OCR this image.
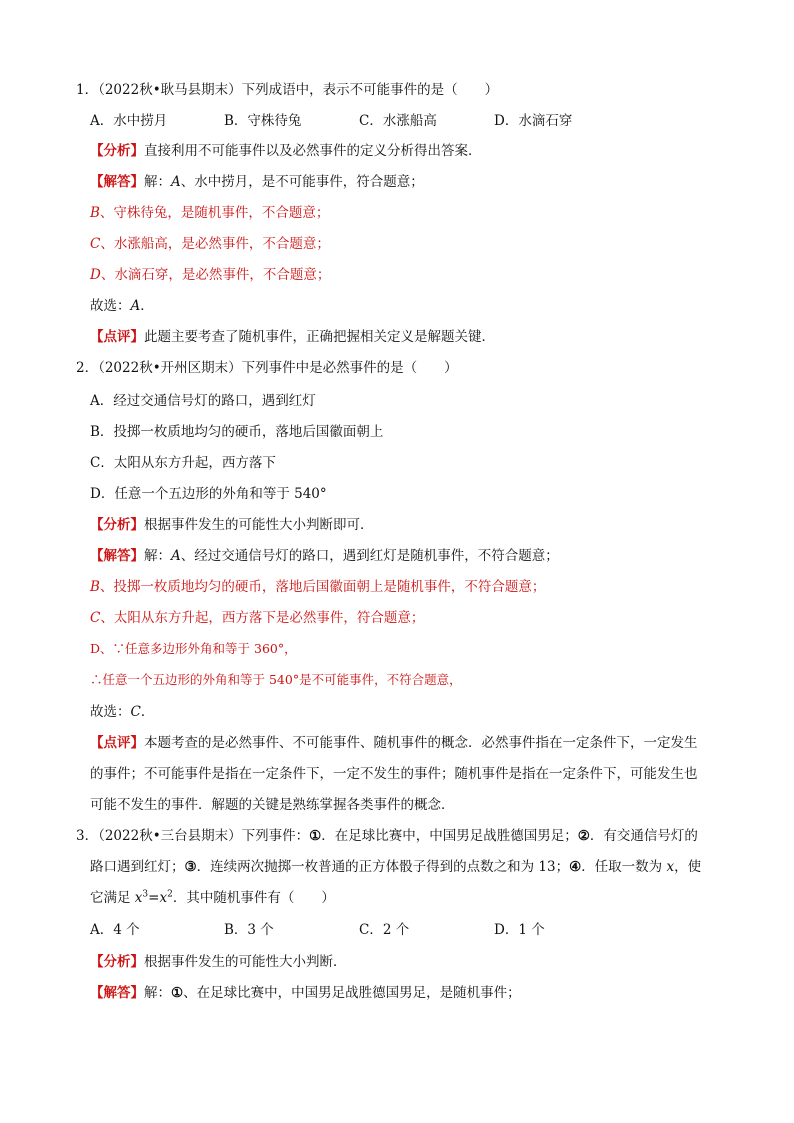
1．（2022秋•耿马县期末）下列成语中，表示不可能事件的是（　　）
A．水中捞月	B．守株待兔	C．水涨船高	D．水滴石穿
【分析】直接利用不可能事件以及必然事件的定义分析得出答案．
【解答】解：A、水中捞月，是不可能事件，符合题意；
B、守株待兔，是随机事件，不合题意；
C、水涨船高，是必然事件，不合题意；
D、水滴石穿，是必然事件，不合题意；
故选：A．
【点评】此题主要考查了随机事件，正确把握相关定义是解题关键．
2．（2022秋•开州区期末）下列事件中是必然事件的是（　　）
A．经过交通信号灯的路口，遇到红灯
B．投掷一枚质地均匀的硬币，落地后国徽面朝上
C．太阳从东方升起，西方落下
D．任意一个五边形的外角和等于 540°
【分析】根据事件发生的可能性大小判断即可．
【解答】解：A、经过交通信号灯的路口，遇到红灯是随机事件，不符合题意；
B、投掷一枚质地均匀的硬币，落地后国徽面朝上是随机事件，不符合题意；
C、太阳从东方升起，西方落下是必然事件，符合题意；
D、∵任意多边形外角和等于 360°，
∴任意一个五边形的外角和等于 540°是不可能事件，不符合题意，
故选：C．
【点评】本题考查的是必然事件、不可能事件、随机事件的概念．必然事件指在一定条件下，一定发生
的事件；不可能事件是指在一定条件下，一定不发生的事件；随机事件是指在一定条件下，可能发生也
可能不发生的事件．解题的关键是熟练掌握各类事件的概念．
3．（2022秋•三台县期末）下列事件：①．在足球比赛中，中国男足战胜德国男足；②．有交通信号灯的
路口遇到红灯；③．连续两次抛掷一枚普通的正方体骰子得到的点数之和为 13；④．任取一数为 x，使
它满足 $x^3=x^2$．其中随机事件有（　　）
A．4 个	B．3 个	C．2 个	D．1 个
【分析】根据事件发生的可能性大小判断．
【解答】解：①、在足球比赛中，中国男足战胜德国男足，是随机事件；
